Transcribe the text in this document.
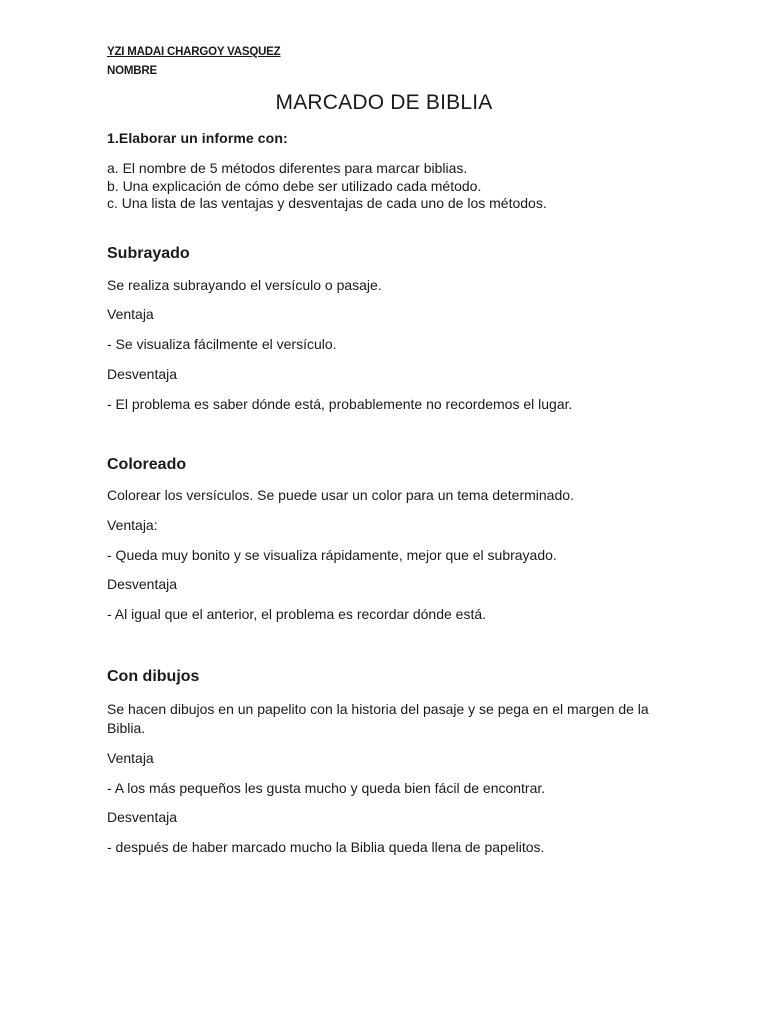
YZI MADAI CHARGOY VASQUEZ
NOMBRE
MARCADO DE BIBLIA
1.Elaborar un informe con:
a. El nombre de 5 métodos diferentes para marcar biblias.
b. Una explicación de cómo debe ser utilizado cada método.
c. Una lista de las ventajas y desventajas de cada uno de los métodos.
Subrayado
Se realiza subrayando el versículo o pasaje.
Ventaja
- Se visualiza fácilmente el versículo.
Desventaja
- El problema es saber dónde está, probablemente no recordemos el lugar.
Coloreado
Colorear los versículos. Se puede usar un color para un tema determinado.
Ventaja:
- Queda muy bonito y se visualiza rápidamente, mejor que el subrayado.
Desventaja
- Al igual que el anterior, el problema es recordar dónde está.
Con dibujos
Se hacen dibujos en un papelito con la historia del pasaje y se pega en el margen de la Biblia.
Ventaja
- A los más pequeños les gusta mucho y queda bien fácil de encontrar.
Desventaja
- después de haber marcado mucho la Biblia queda llena de papelitos.
